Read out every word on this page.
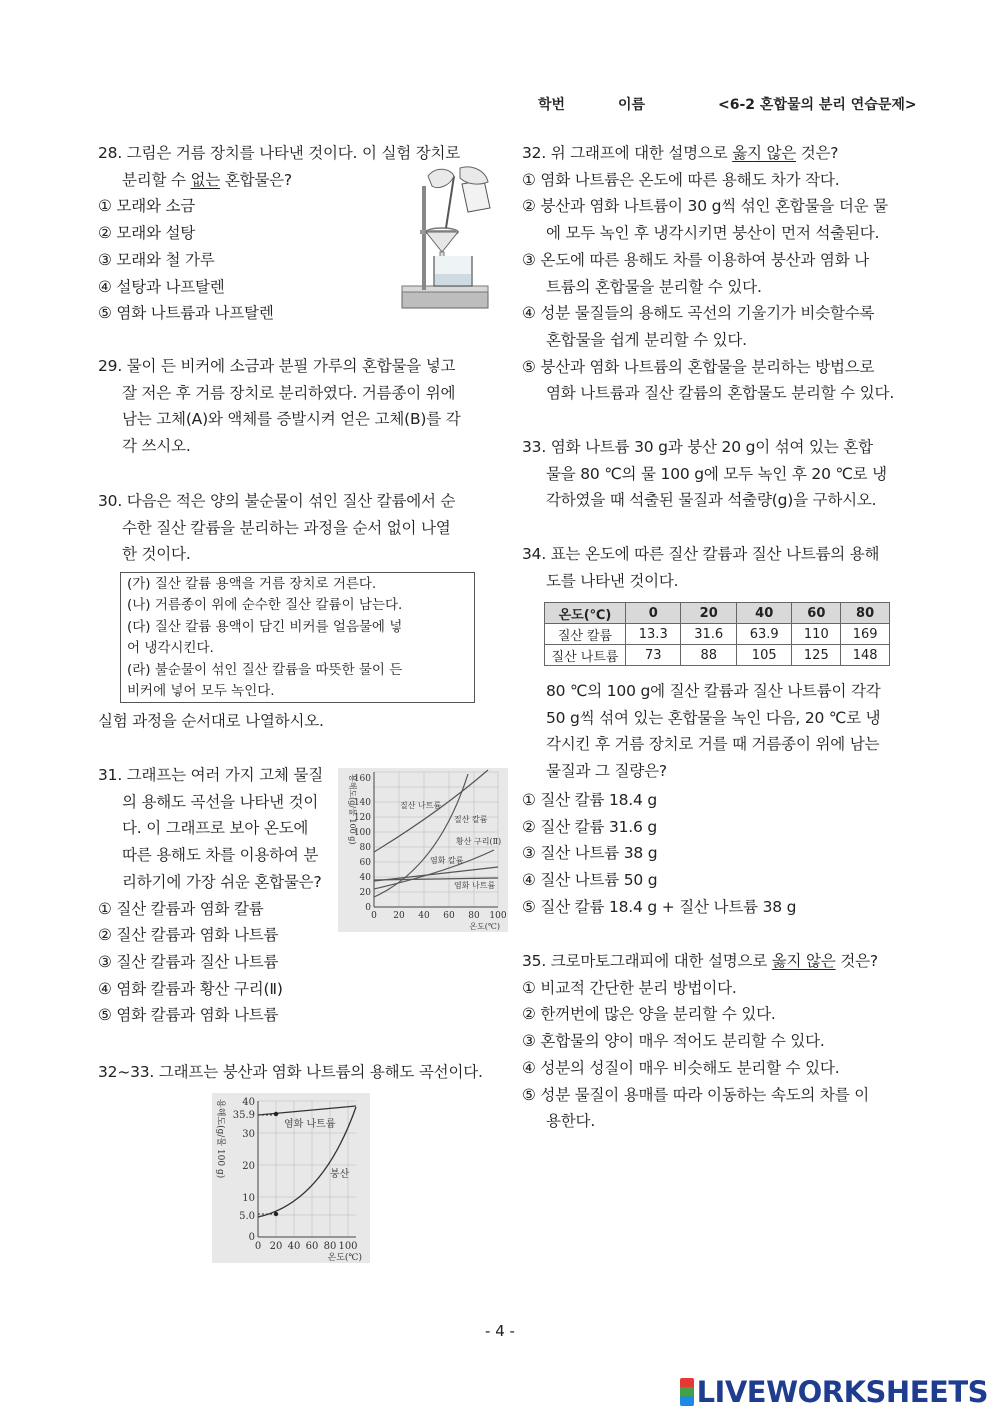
학번	이름	<6-2 혼합물의 분리 연습문제>
28. 그림은 거름 장치를 나타낸 것이다. 이 실험 장치로
분리할 수 없는 혼합물은?
① 모래와 소금
② 모래와 설탕
③ 모래와 철 가루
④ 설탕과 나프탈렌
⑤ 염화 나트륨과 나프탈렌
29. 물이 든 비커에 소금과 분필 가루의 혼합물을 넣고
잘 저은 후 거름 장치로 분리하였다. 거름종이 위에
남는 고체(A)와 액체를 증발시켜 얻은 고체(B)를 각
각 쓰시오.
30. 다음은 적은 양의 불순물이 섞인 질산 칼륨에서 순
수한 질산 칼륨을 분리하는 과정을 순서 없이 나열
한 것이다.
(가) 질산 칼륨 용액을 거름 장치로 거른다.
(나) 거름종이 위에 순수한 질산 칼륨이 남는다.
(다) 질산 칼륨 용액이 담긴 비커를 얼음물에 넣
어 냉각시킨다.
(라) 불순물이 섞인 질산 칼륨을 따뜻한 물이 든
비커에 넣어 모두 녹인다.
실험 과정을 순서대로 나열하시오.
31. 그래프는 여러 가지 고체 물질
의 용해도 곡선을 나타낸 것이
다. 이 그래프로 보아 온도에
따른 용해도 차를 이용하여 분
리하기에 가장 쉬운 혼합물은?
① 질산 칼륨과 염화 칼륨
② 질산 칼륨과 염화 나트륨
③ 질산 칼륨과 질산 나트륨
④ 염화 칼륨과 황산 구리(Ⅱ)
⑤ 염화 칼륨과 염화 나트륨
0
20
40
60
80
100
120
140
160
0 20 40 60 80 100
온도(℃)
용해도(g/물 100 g)	질산 나트륨
질산 칼륨
황산 구리(Ⅱ)
염화 칼륨
염화 나트륨
32~33. 그래프는 붕산과 염화 나트륨의 용해도 곡선이다.
0
5.0
10
20
30
35.9
40
0 20 40 60 80 100
온도(℃)
용해도(g/물 100 g)	염화 나트륨
붕산
32. 위 그래프에 대한 설명으로 옳지 않은 것은?
① 염화 나트륨은 온도에 따른 용해도 차가 작다.
② 붕산과 염화 나트륨이 30 g씩 섞인 혼합물을 더운 물
에 모두 녹인 후 냉각시키면 붕산이 먼저 석출된다.
③ 온도에 따른 용해도 차를 이용하여 붕산과 염화 나
트륨의 혼합물을 분리할 수 있다.
④ 성분 물질들의 용해도 곡선의 기울기가 비슷할수록
혼합물을 쉽게 분리할 수 있다.
⑤ 붕산과 염화 나트륨의 혼합물을 분리하는 방법으로
염화 나트륨과 질산 칼륨의 혼합물도 분리할 수 있다.
33. 염화 나트륨 30 g과 붕산 20 g이 섞여 있는 혼합
물을 80 ℃의 물 100 g에 모두 녹인 후 20 ℃로 냉
각하였을 때 석출된 물질과 석출량(g)을 구하시오.
34. 표는 온도에 따른 질산 칼륨과 질산 나트륨의 용해
도를 나타낸 것이다.
온도(℃)	0	20	40	60	80
질산 칼륨	13.3	31.6	63.9	110	169
질산 나트륨	73	88	105	125	148
80 ℃의 100 g에 질산 칼륨과 질산 나트륨이 각각
50 g씩 섞여 있는 혼합물을 녹인 다음, 20 ℃로 냉
각시킨 후 거름 장치로 거를 때 거름종이 위에 남는
물질과 그 질량은?
① 질산 칼륨 18.4 g
② 질산 칼륨 31.6 g
③ 질산 나트륨 38 g
④ 질산 나트륨 50 g
⑤ 질산 칼륨 18.4 g + 질산 나트륨 38 g
35. 크로마토그래피에 대한 설명으로 옳지 않은 것은?
① 비교적 간단한 분리 방법이다.
② 한꺼번에 많은 양을 분리할 수 있다.
③ 혼합물의 양이 매우 적어도 분리할 수 있다.
④ 성분의 성질이 매우 비슷해도 분리할 수 있다.
⑤ 성분 물질이 용매를 따라 이동하는 속도의 차를 이
용한다.
- 4 -
LIVEWORKSHEETS
